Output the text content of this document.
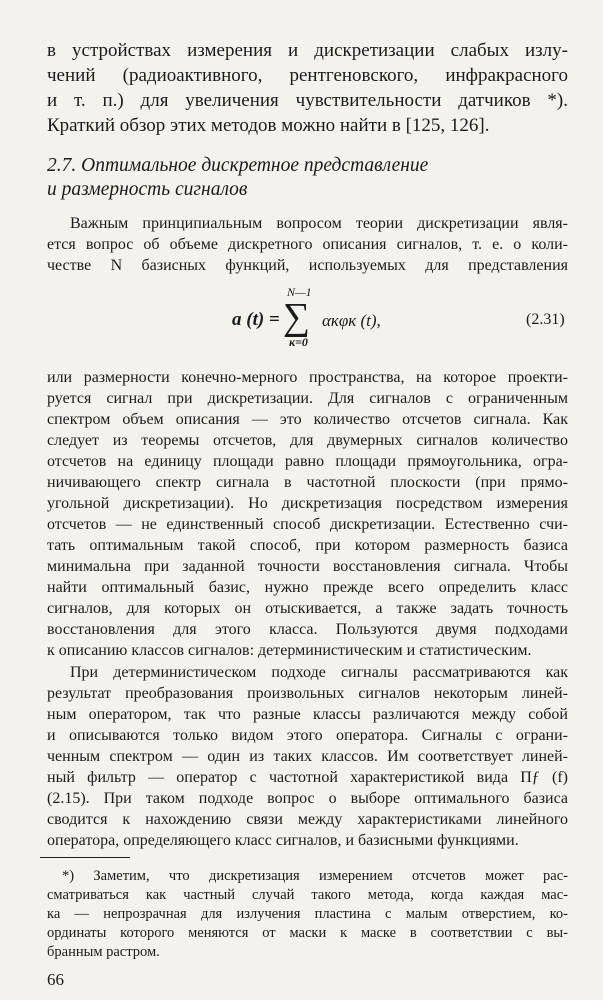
в устройствах измерения и дискретизации слабых излу-
чений (радиоактивного, рентгеновского, инфракрасного
и т. п.) для увеличения чувствительности датчиков *).
Краткий обзор этих методов можно найти в [125, 126].
2.7. Оптимальное дискретное представление
и размерность сигналов
Важным принципиальным вопросом теории дискретизации явля-
ется вопрос об объеме дискретного описания сигналов, т. е. о коли-
честве N базисных функций, используемых для представления
a (t) =
N—1
∑
к=0
αкφк (t),	(2.31)
или размерности конечно-мерного пространства, на которое проекти-
руется сигнал при дискретизации. Для сигналов с ограниченным
спектром объем описания — это количество отсчетов сигнала. Как
следует из теоремы отсчетов, для двумерных сигналов количество
отсчетов на единицу площади равно площади прямоугольника, огра-
ничивающего спектр сигнала в частотной плоскости (при прямо-
угольной дискретизации). Но дискретизация посредством измерения
отсчетов — не единственный способ дискретизации. Естественно счи-
тать оптимальным такой способ, при котором размерность базиса
минимальна при заданной точности восстановления сигнала. Чтобы
найти оптимальный базис, нужно прежде всего определить класс
сигналов, для которых он отыскивается, а также задать точность
восстановления для этого класса. Пользуются двумя подходами
к описанию классов сигналов: детерминистическим и статистическим.
При детерминистическом подходе сигналы рассматриваются как
результат преобразования произвольных сигналов некоторым линей-
ным оператором, так что разные классы различаются между собой
и описываются только видом этого оператора. Сигналы с ограни-
ченным спектром — один из таких классов. Им соответствует линей-
ный фильтр — оператор с частотной характеристикой вида Пƒ (f)
(2.15). При таком подходе вопрос о выборе оптимального базиса
сводится к нахождению связи между характеристиками линейного
оператора, определяющего класс сигналов, и базисными функциями.
*) Заметим, что дискретизация измерением отсчетов может рас-
сматриваться как частный случай такого метода, когда каждая мас-
ка — непрозрачная для излучения пластина с малым отверстием, ко-
ординаты которого меняются от маски к маске в соответствии с вы-
бранным растром.
66
